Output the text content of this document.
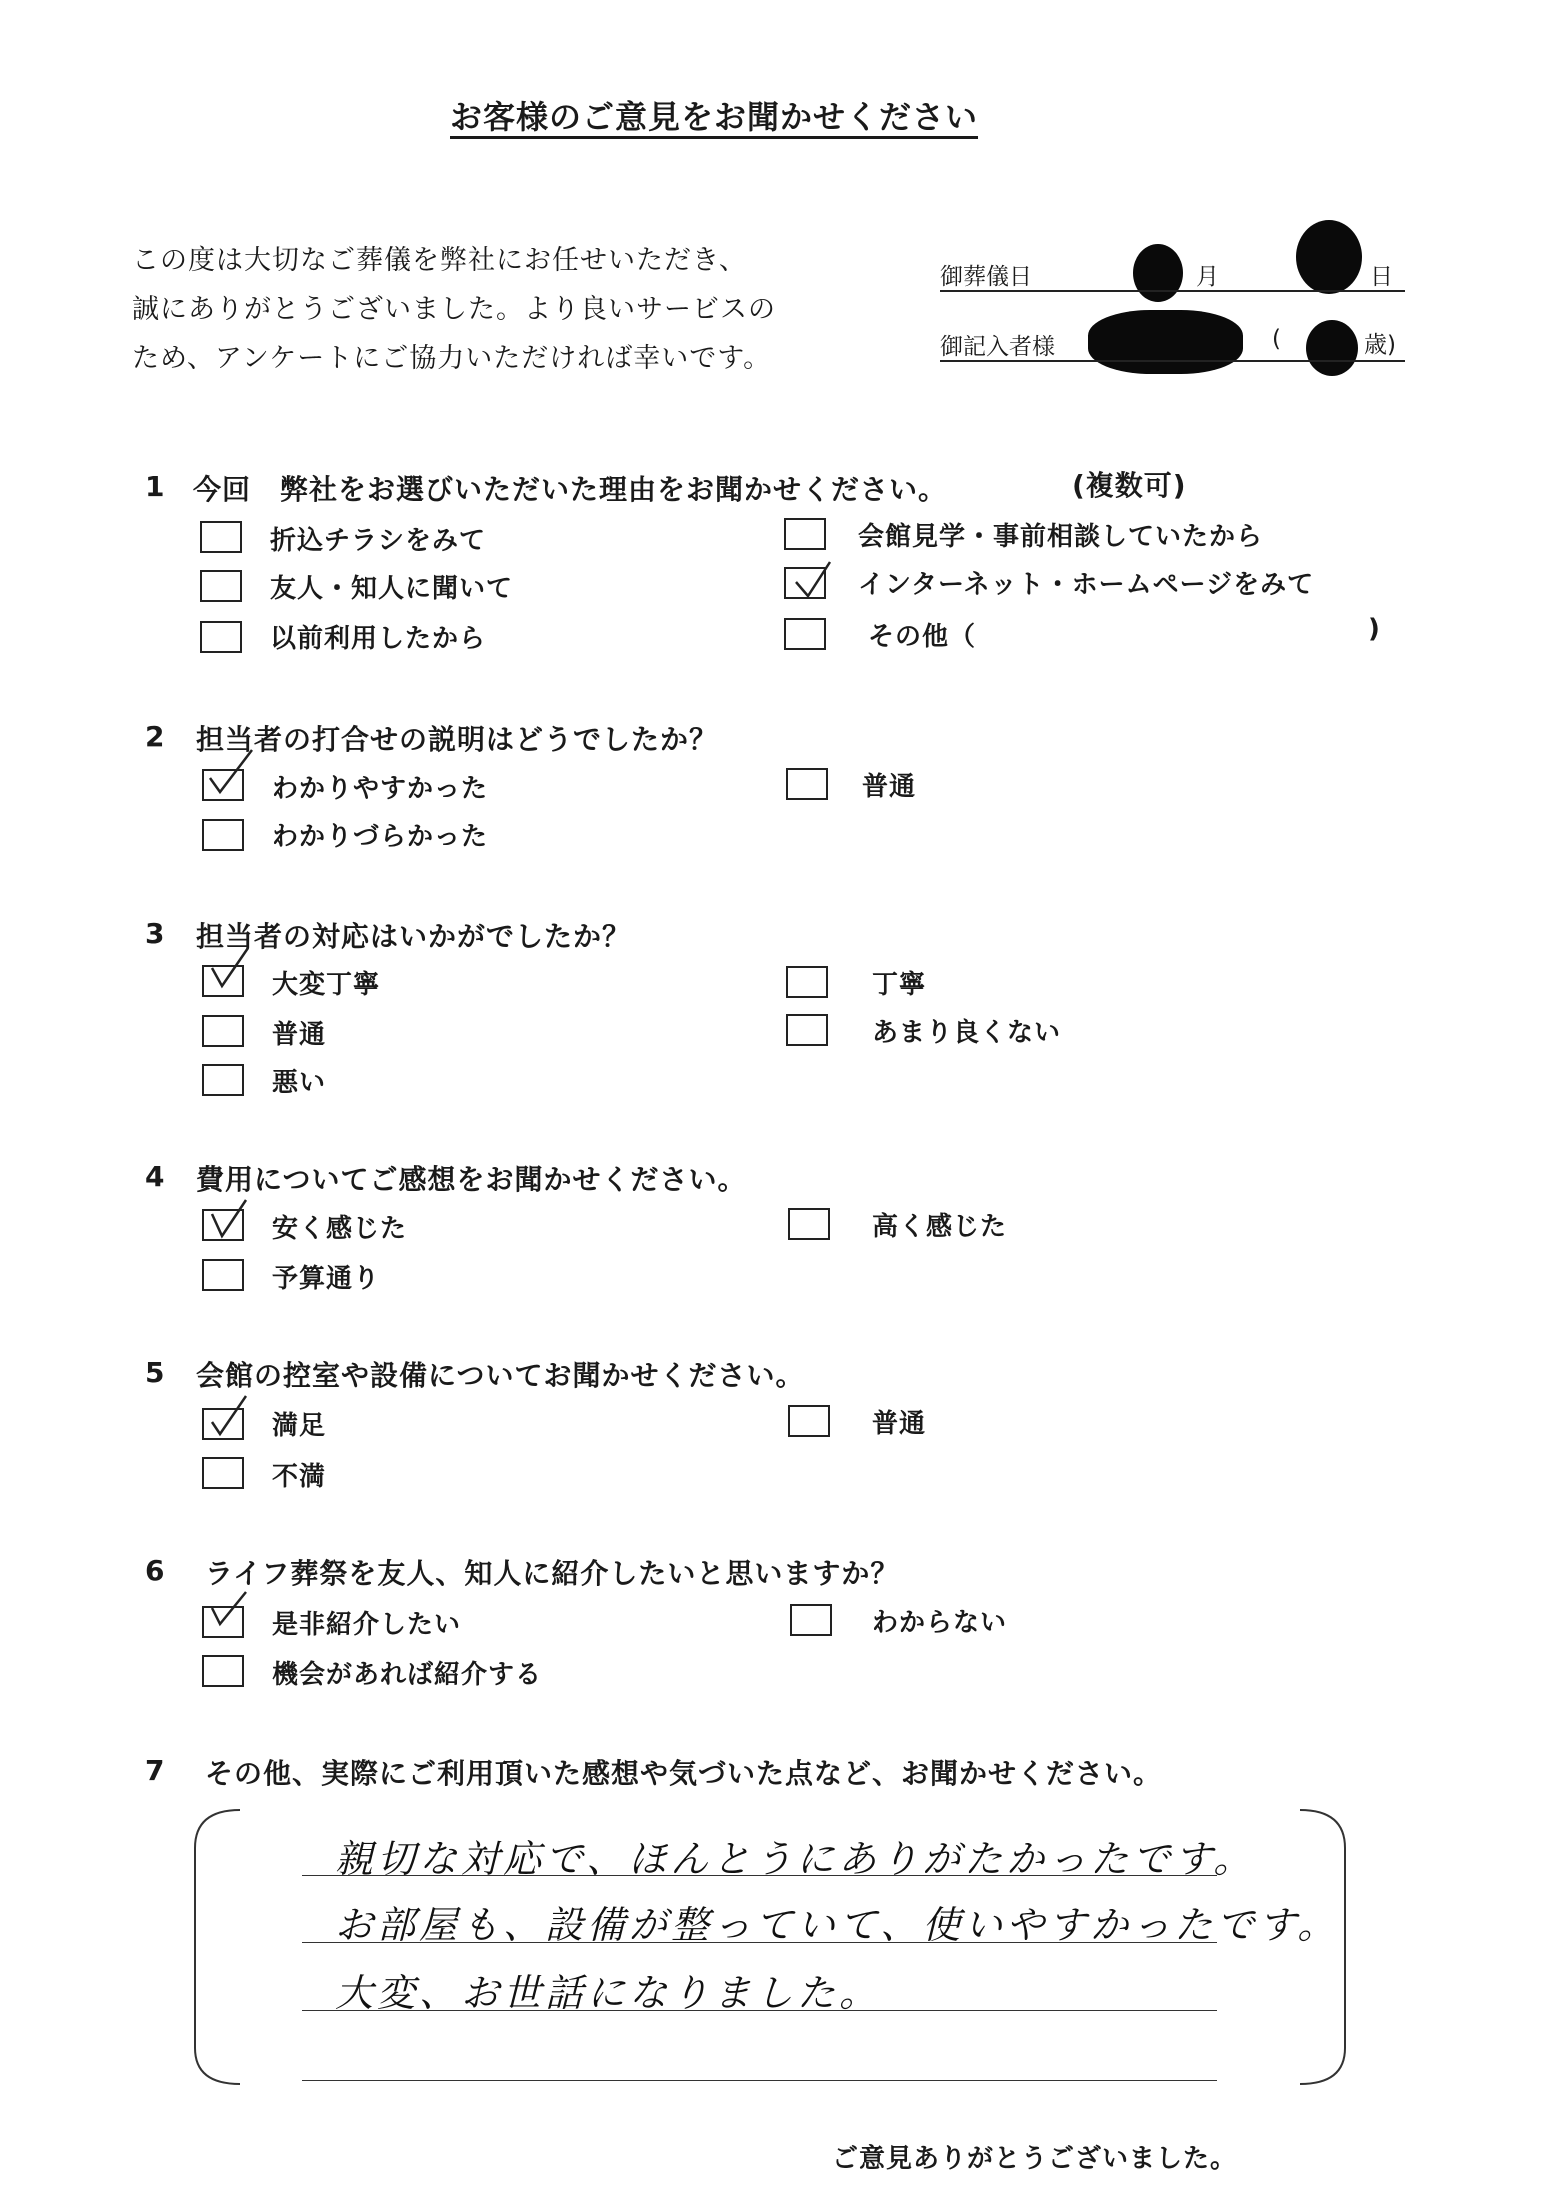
お客様のご意見をお聞かせください
この度は大切なご葬儀を弊社にお任せいただき、
誠にありがとうございました。より良いサービスの
ため、アンケートにご協力いただければ幸いです。
御葬儀日	月	日
御記入者様	(	歳)
1 今回　弊社をお選びいただいた理由をお聞かせください。	(複数可)
折込チラシをみて	会館見学・事前相談していたから
友人・知人に聞いて	インターネット・ホームページをみて
以前利用したから	その他（	)
2 担当者の打合せの説明はどうでしたか？
わかりやすかった	普通
わかりづらかった
3 担当者の対応はいかがでしたか？
大変丁寧	丁寧
普通	あまり良くない
悪い
4 費用についてご感想をお聞かせください。
安く感じた	高く感じた
予算通り
5 会館の控室や設備についてお聞かせください。
満足	普通
不満
6 ライフ葬祭を友人、知人に紹介したいと思いますか？
是非紹介したい	わからない
機会があれば紹介する
7 その他、実際にご利用頂いた感想や気づいた点など、お聞かせください。
親切な対応で、ほんとうにありがたかったです。
お部屋も、設備が整っていて、使いやすかったです。
大変、お世話になりました。
ご意見ありがとうございました。
